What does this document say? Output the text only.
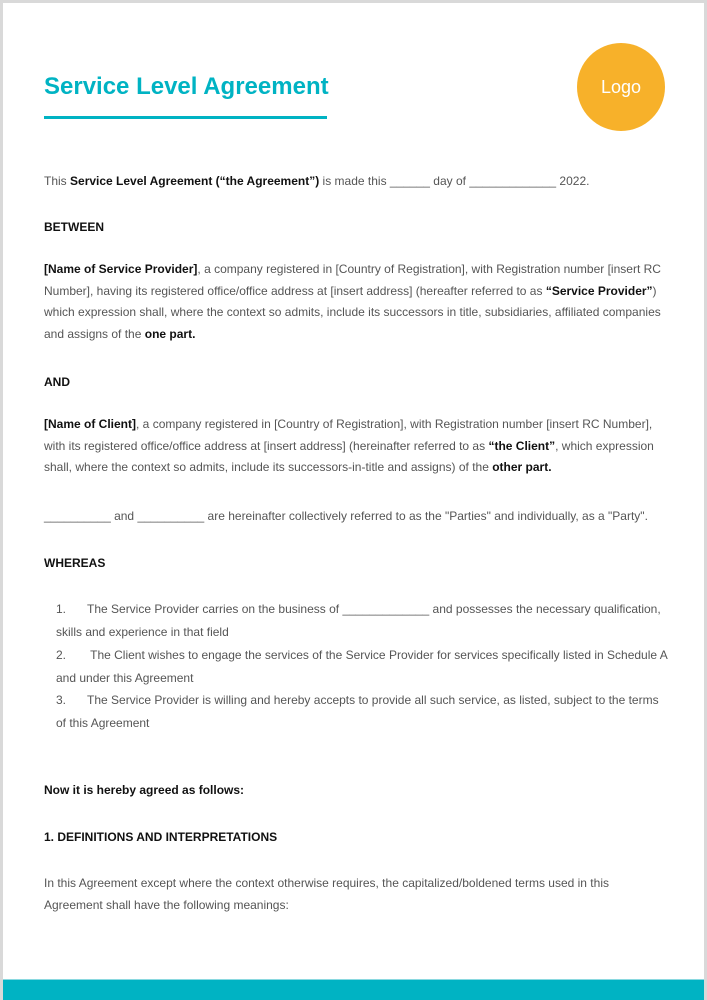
Service Level Agreement	Logo
This Service Level Agreement (“the Agreement”) is made this ______ day of _____________ 2022.
BETWEEN
[Name of Service Provider], a company registered in [Country of Registration], with Registration number [insert RC Number], having its registered office/office address at [insert address] (hereafter referred to as “Service Provider”) which expression shall, where the context so admits, include its successors in title, subsidiaries, affiliated companies and assigns of the one part.
AND
[Name of Client], a company registered in [Country of Registration], with Registration number [insert RC Number], with its registered office/office address at [insert address] (hereinafter referred to as “the Client”, which expression shall, where the context so admits, include its successors-in-title and assigns) of the other part.
__________ and __________ are hereinafter collectively referred to as the "Parties" and individually, as a "Party".
WHEREAS
1. The Service Provider carries on the business of _____________ and possesses the necessary qualification, skills and experience in that field
2. The Client wishes to engage the services of the Service Provider for services specifically listed in Schedule A and under this Agreement
3. The Service Provider is willing and hereby accepts to provide all such service, as listed, subject to the terms of this Agreement
Now it is hereby agreed as follows:
1. DEFINITIONS AND INTERPRETATIONS
In this Agreement except where the context otherwise requires, the capitalized/boldened terms used in this Agreement shall have the following meanings:
